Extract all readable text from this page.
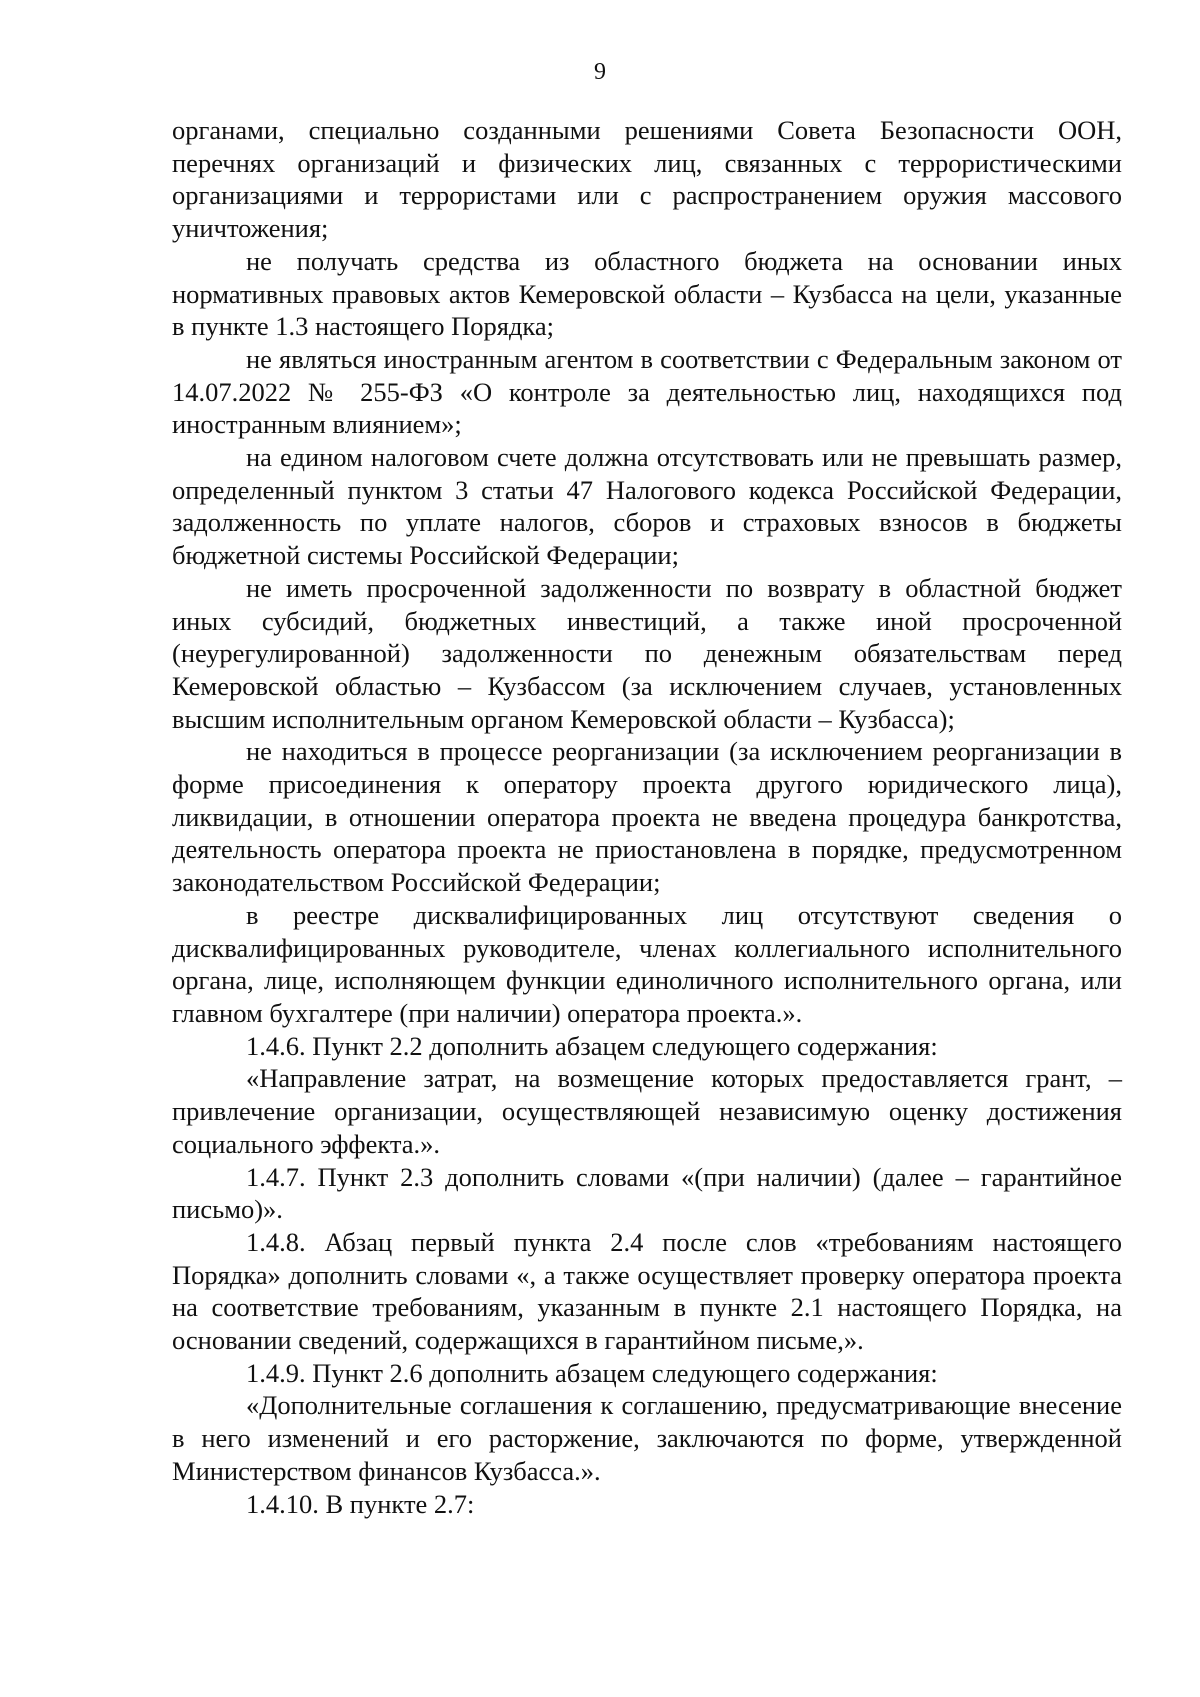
9

органами, специально созданными решениями Совета Безопасности ООН, перечнях организаций и физических лиц, связанных с террористическими организациями и террористами или с распространением оружия массового уничтожения;

не получать средства из областного бюджета на основании иных нормативных правовых актов Кемеровской области – Кузбасса на цели, указанные в пункте 1.3 настоящего Порядка;

не являться иностранным агентом в соответствии с Федеральным законом от 14.07.2022 № 255-ФЗ «О контроле за деятельностью лиц, находящихся под иностранным влиянием»;

на едином налоговом счете должна отсутствовать или не превышать размер, определенный пунктом 3 статьи 47 Налогового кодекса Российской Федерации, задолженность по уплате налогов, сборов и страховых взносов в бюджеты бюджетной системы Российской Федерации;

не иметь просроченной задолженности по возврату в областной бюджет иных субсидий, бюджетных инвестиций, а также иной просроченной (неурегулированной) задолженности по денежным обязательствам перед Кемеровской областью – Кузбассом (за исключением случаев, установленных высшим исполнительным органом Кемеровской области – Кузбасса);

не находиться в процессе реорганизации (за исключением реорганизации в форме присоединения к оператору проекта другого юридического лица), ликвидации, в отношении оператора проекта не введена процедура банкротства, деятельность оператора проекта не приостановлена в порядке, предусмотренном законодательством Российской Федерации;

в реестре дисквалифицированных лиц отсутствуют сведения о дисквалифицированных руководителе, членах коллегиального исполнительного органа, лице, исполняющем функции единоличного исполнительного органа, или главном бухгалтере (при наличии) оператора проекта.».

1.4.6. Пункт 2.2 дополнить абзацем следующего содержания:

«Направление затрат, на возмещение которых предоставляется грант, – привлечение организации, осуществляющей независимую оценку достижения социального эффекта.».

1.4.7. Пункт 2.3 дополнить словами «(при наличии) (далее – гарантийное письмо)».

1.4.8. Абзац первый пункта 2.4 после слов «требованиям настоящего Порядка» дополнить словами «, а также осуществляет проверку оператора проекта на соответствие требованиям, указанным в пункте 2.1 настоящего Порядка, на основании сведений, содержащихся в гарантийном письме,».

1.4.9. Пункт 2.6 дополнить абзацем следующего содержания:

«Дополнительные соглашения к соглашению, предусматривающие внесение в него изменений и его расторжение, заключаются по форме, утвержденной Министерством финансов Кузбасса.».

1.4.10. В пункте 2.7:
